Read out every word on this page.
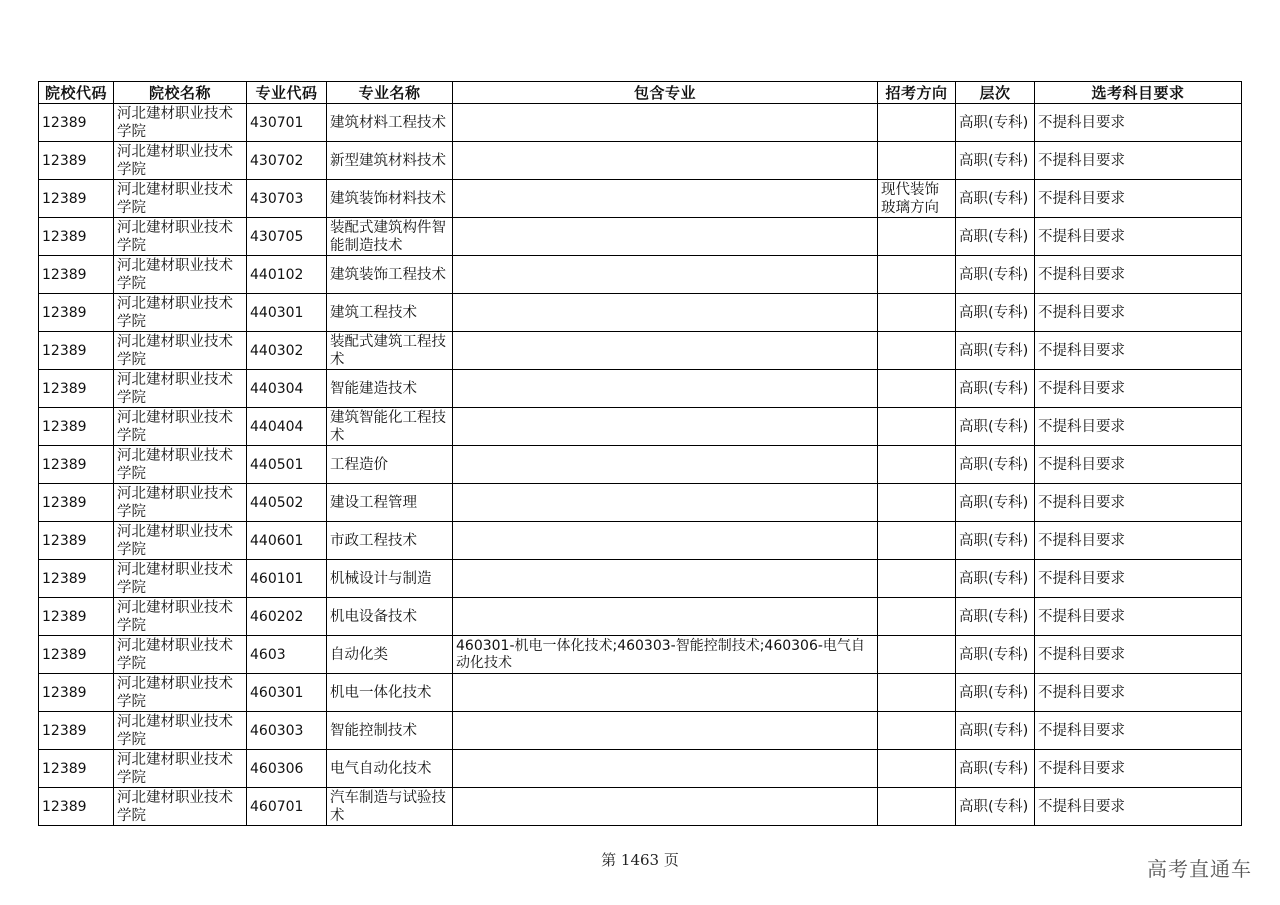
院校代码	院校名称	专业代码	专业名称	包含专业	招考方向	层次	选考科目要求
12389	河北建材职业技术学院	430701	建筑材料工程技术			高职(专科)	不提科目要求
12389	河北建材职业技术学院	430702	新型建筑材料技术			高职(专科)	不提科目要求
12389	河北建材职业技术学院	430703	建筑装饰材料技术		现代装饰玻璃方向	高职(专科)	不提科目要求
12389	河北建材职业技术学院	430705	装配式建筑构件智能制造技术			高职(专科)	不提科目要求
12389	河北建材职业技术学院	440102	建筑装饰工程技术			高职(专科)	不提科目要求
12389	河北建材职业技术学院	440301	建筑工程技术			高职(专科)	不提科目要求
12389	河北建材职业技术学院	440302	装配式建筑工程技术			高职(专科)	不提科目要求
12389	河北建材职业技术学院	440304	智能建造技术			高职(专科)	不提科目要求
12389	河北建材职业技术学院	440404	建筑智能化工程技术			高职(专科)	不提科目要求
12389	河北建材职业技术学院	440501	工程造价			高职(专科)	不提科目要求
12389	河北建材职业技术学院	440502	建设工程管理			高职(专科)	不提科目要求
12389	河北建材职业技术学院	440601	市政工程技术			高职(专科)	不提科目要求
12389	河北建材职业技术学院	460101	机械设计与制造			高职(专科)	不提科目要求
12389	河北建材职业技术学院	460202	机电设备技术			高职(专科)	不提科目要求
12389	河北建材职业技术学院	4603	自动化类	460301-机电一体化技术;460303-智能控制技术;460306-电气自动化技术		高职(专科)	不提科目要求
12389	河北建材职业技术学院	460301	机电一体化技术			高职(专科)	不提科目要求
12389	河北建材职业技术学院	460303	智能控制技术			高职(专科)	不提科目要求
12389	河北建材职业技术学院	460306	电气自动化技术			高职(专科)	不提科目要求
12389	河北建材职业技术学院	460701	汽车制造与试验技术			高职(专科)	不提科目要求
第 1463 页	高考直通车
